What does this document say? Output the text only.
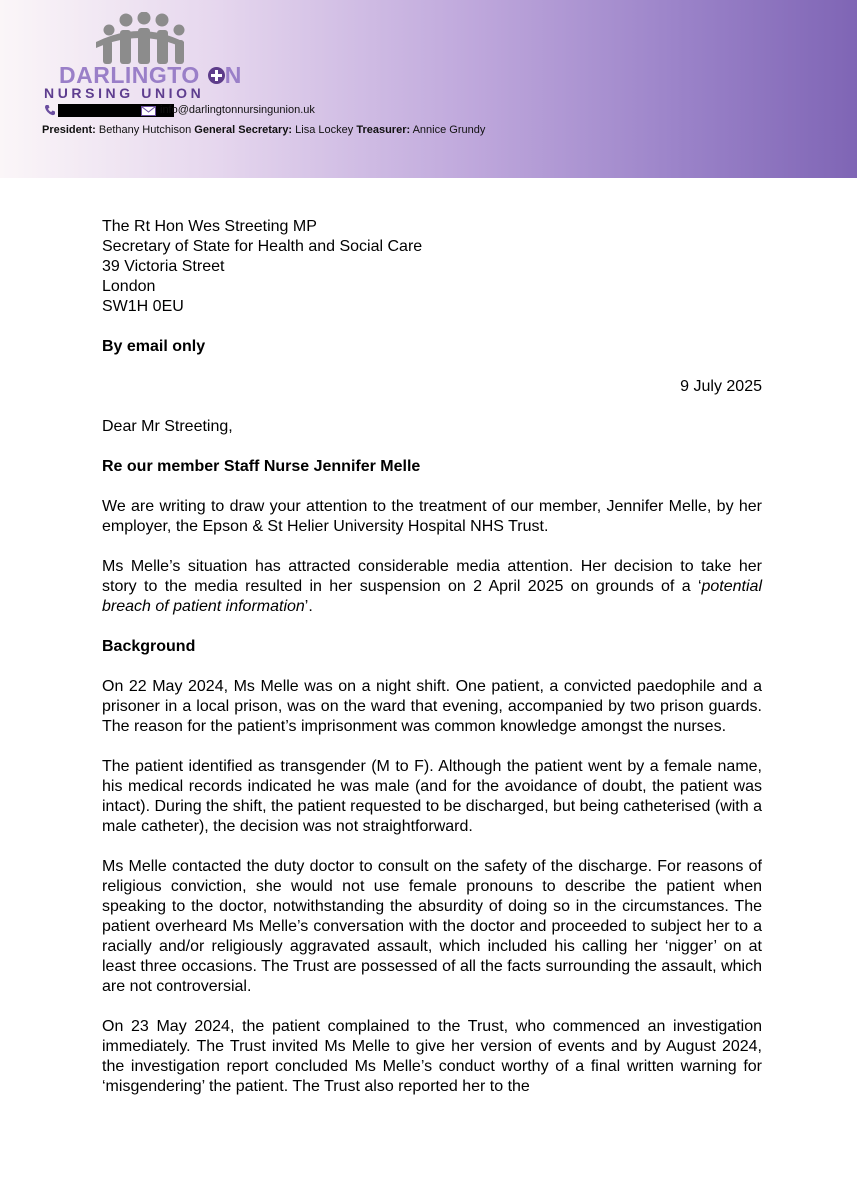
DARLINGTO N
NURSING UNION
info@darlingtonnursingunion.uk
President: Bethany Hutchison General Secretary: Lisa Lockey Treasurer: Annice Grundy
The Rt Hon Wes Streeting MP
Secretary of State for Health and Social Care
39 Victoria Street
London
SW1H 0EU
By email only
9 July 2025
Dear Mr Streeting,
Re our member Staff Nurse Jennifer Melle

We are writing to draw your attention to the treatment of our member, Jennifer Melle, by her employer, the Epson & St Helier University Hospital NHS Trust.

Ms Melle’s situation has attracted considerable media attention. Her decision to take her story to the media resulted in her suspension on 2 April 2025 on grounds of a ‘potential breach of patient information’.

Background

On 22 May 2024, Ms Melle was on a night shift. One patient, a convicted paedophile and a prisoner in a local prison, was on the ward that evening, accompanied by two prison guards. The reason for the patient’s imprisonment was common knowledge amongst the nurses.

The patient identified as transgender (M to F). Although the patient went by a female name, his medical records indicated he was male (and for the avoidance of doubt, the patient was intact). During the shift, the patient requested to be discharged, but being catheterised (with a male catheter), the decision was not straightforward.

Ms Melle contacted the duty doctor to consult on the safety of the discharge. For reasons of religious conviction, she would not use female pronouns to describe the patient when speaking to the doctor, notwithstanding the absurdity of doing so in the circumstances. The patient overheard Ms Melle’s conversation with the doctor and proceeded to subject her to a racially and/or religiously aggravated assault, which included his calling her ‘nigger’ on at least three occasions. The Trust are possessed of all the facts surrounding the assault, which are not controversial.

On 23 May 2024, the patient complained to the Trust, who commenced an investigation immediately. The Trust invited Ms Melle to give her version of events and by August 2024, the investigation report concluded Ms Melle’s conduct worthy of a final written warning for ‘misgendering’ the patient. The Trust also reported her to the
